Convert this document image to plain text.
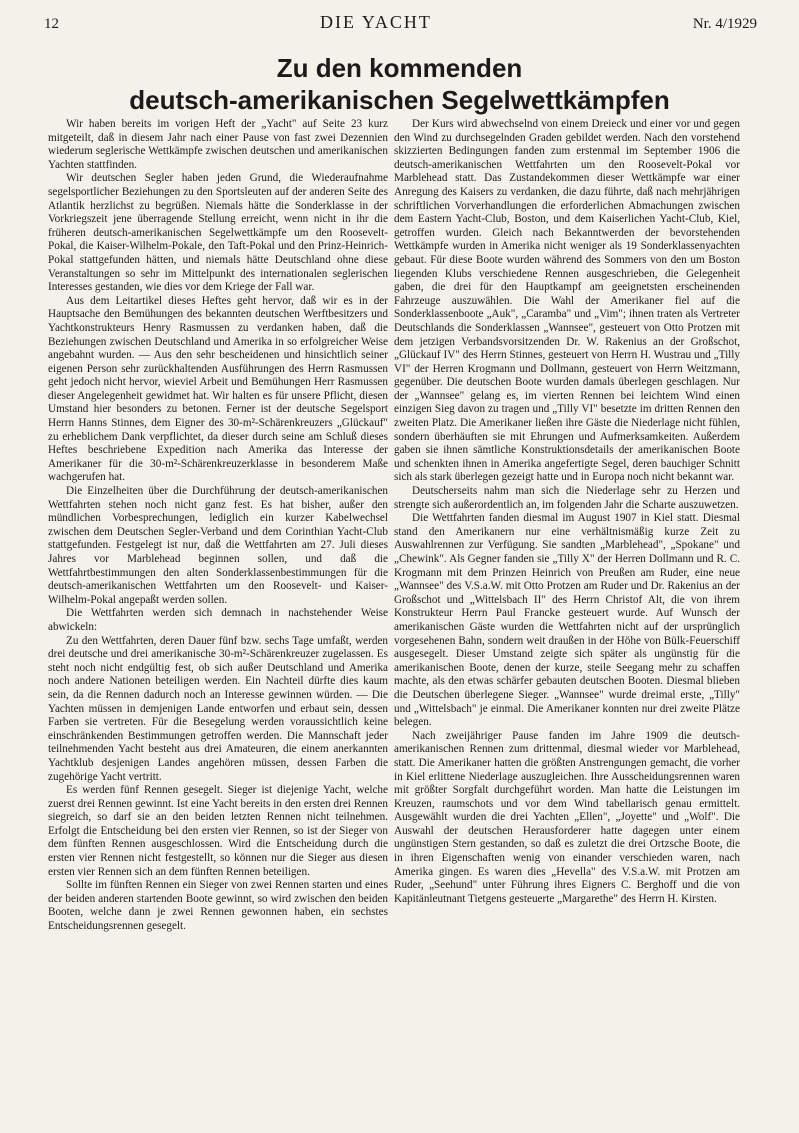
12	DIE YACHT	Nr. 4/1929
Zu den kommenden
deutsch-amerikanischen Segelwettkämpfen

Wir haben bereits im vorigen Heft der „Yacht" auf Seite 23 kurz mitgeteilt, daß in diesem Jahr nach einer Pause von fast zwei Dezennien wiederum seglerische Wettkämpfe zwischen deutschen und amerikanischen Yachten stattfinden.

Wir deutschen Segler haben jeden Grund, die Wiederaufnahme segelsportlicher Beziehungen zu den Sportsleuten auf der anderen Seite des Atlantik herzlichst zu begrüßen. Niemals hätte die Sonderklasse in der Vorkriegszeit jene überragende Stellung erreicht, wenn nicht in ihr die früheren deutsch-amerikanischen Segelwettkämpfe um den Roosevelt-Pokal, die Kaiser-Wilhelm-Pokale, den Taft-Pokal und den Prinz-Heinrich-Pokal stattgefunden hätten, und niemals hätte Deutschland ohne diese Veranstaltungen so sehr im Mittelpunkt des internationalen seglerischen Interesses gestanden, wie dies vor dem Kriege der Fall war.

Aus dem Leitartikel dieses Heftes geht hervor, daß wir es in der Hauptsache den Bemühungen des bekannten deutschen Werftbesitzers und Yachtkonstrukteurs Henry Rasmussen zu verdanken haben, daß die Beziehungen zwischen Deutschland und Amerika in so erfolgreicher Weise angebahnt wurden. — Aus den sehr bescheidenen und hinsichtlich seiner eigenen Person sehr zurückhaltenden Ausführungen des Herrn Rasmussen geht jedoch nicht hervor, wieviel Arbeit und Bemühungen Herr Rasmussen dieser Angelegenheit gewidmet hat. Wir halten es für unsere Pflicht, diesen Umstand hier besonders zu betonen. Ferner ist der deutsche Segelsport Herrn Hanns Stinnes, dem Eigner des 30-m²-Schärenkreuzers „Glückauf" zu erheblichem Dank verpflichtet, da dieser durch seine am Schluß dieses Heftes beschriebene Expedition nach Amerika das Interesse der Amerikaner für die 30-m²-Schärenkreuzerklasse in besonderem Maße wachgerufen hat.

Die Einzelheiten über die Durchführung der deutsch-amerikanischen Wettfahrten stehen noch nicht ganz fest. Es hat bisher, außer den mündlichen Vorbesprechungen, lediglich ein kurzer Kabelwechsel zwischen dem Deutschen Segler-Verband und dem Corinthian Yacht-Club stattgefunden. Festgelegt ist nur, daß die Wettfahrten am 27. Juli dieses Jahres vor Marblehead beginnen sollen, und daß die Wettfahrtbestimmungen den alten Sonderklassenbestimmungen für die deutsch-amerikanischen Wettfahrten um den Roosevelt- und Kaiser-Wilhelm-Pokal angepaßt werden sollen.

Die Wettfahrten werden sich demnach in nachstehender Weise abwickeln:

Zu den Wettfahrten, deren Dauer fünf bzw. sechs Tage umfaßt, werden drei deutsche und drei amerikanische 30-m²-Schärenkreuzer zugelassen. Es steht noch nicht endgültig fest, ob sich außer Deutschland und Amerika noch andere Nationen beteiligen werden. Ein Nachteil dürfte dies kaum sein, da die Rennen dadurch noch an Interesse gewinnen würden. — Die Yachten müssen in demjenigen Lande entworfen und erbaut sein, dessen Farben sie vertreten. Für die Besegelung werden voraussichtlich keine einschränkenden Bestimmungen getroffen werden. Die Mannschaft jeder teilnehmenden Yacht besteht aus drei Amateuren, die einem anerkannten Yachtklub desjenigen Landes angehören müssen, dessen Farben die zugehörige Yacht vertritt.

Es werden fünf Rennen gesegelt. Sieger ist diejenige Yacht, welche zuerst drei Rennen gewinnt. Ist eine Yacht bereits in den ersten drei Rennen siegreich, so darf sie an den beiden letzten Rennen nicht teilnehmen. Erfolgt die Entscheidung bei den ersten vier Rennen, so ist der Sieger von dem fünften Rennen ausgeschlossen. Wird die Entscheidung durch die ersten vier Rennen nicht festgestellt, so können nur die Sieger aus diesen ersten vier Rennen sich an dem fünften Rennen beteiligen.

Sollte im fünften Rennen ein Sieger von zwei Rennen starten und eines der beiden anderen startenden Boote gewinnt, so wird zwischen den beiden Booten, welche dann je zwei Rennen gewonnen haben, ein sechstes Entscheidungsrennen gesegelt.

Der Kurs wird abwechselnd von einem Dreieck und einer vor und gegen den Wind zu durchsegelnden Graden gebildet werden. Nach den vorstehend skizzierten Bedingungen fanden zum erstenmal im September 1906 die deutsch-amerikanischen Wettfahrten um den Roosevelt-Pokal vor Marblehead statt. Das Zustandekommen dieser Wettkämpfe war einer Anregung des Kaisers zu verdanken, die dazu führte, daß nach mehrjährigen schriftlichen Vorverhandlungen die erforderlichen Abmachungen zwischen dem Eastern Yacht-Club, Boston, und dem Kaiserlichen Yacht-Club, Kiel, getroffen wurden. Gleich nach Bekanntwerden der bevorstehenden Wettkämpfe wurden in Amerika nicht weniger als 19 Sonderklassenyachten gebaut. Für diese Boote wurden während des Sommers von den um Boston liegenden Klubs verschiedene Rennen ausgeschrieben, die Gelegenheit gaben, die drei für den Hauptkampf am geeignetsten erscheinenden Fahrzeuge auszuwählen. Die Wahl der Amerikaner fiel auf die Sonderklassenboote „Auk", „Caramba" und „Vim"; ihnen traten als Vertreter Deutschlands die Sonderklassen „Wannsee", gesteuert von Otto Protzen mit dem jetzigen Verbandsvorsitzenden Dr. W. Rakenius an der Großschot, „Glückauf IV" des Herrn Stinnes, gesteuert von Herrn H. Wustrau und „Tilly VI" der Herren Krogmann und Dollmann, gesteuert von Herrn Weitzmann, gegenüber. Die deutschen Boote wurden damals überlegen geschlagen. Nur der „Wannsee" gelang es, im vierten Rennen bei leichtem Wind einen einzigen Sieg davon zu tragen und „Tilly VI" besetzte im dritten Rennen den zweiten Platz. Die Amerikaner ließen ihre Gäste die Niederlage nicht fühlen, sondern überhäuften sie mit Ehrungen und Aufmerksamkeiten. Außerdem gaben sie ihnen sämtliche Konstruktionsdetails der amerikanischen Boote und schenkten ihnen in Amerika angefertigte Segel, deren bauchiger Schnitt sich als stark überlegen gezeigt hatte und in Europa noch nicht bekannt war.

Deutscherseits nahm man sich die Niederlage sehr zu Herzen und strengte sich außerordentlich an, im folgenden Jahr die Scharte auszuwetzen.

Die Wettfahrten fanden diesmal im August 1907 in Kiel statt. Diesmal stand den Amerikanern nur eine verhältnismäßig kurze Zeit zu Auswahlrennen zur Verfügung. Sie sandten „Marblehead", „Spokane" und „Chewink". Als Gegner fanden sie „Tilly X" der Herren Dollmann und R. C. Krogmann mit dem Prinzen Heinrich von Preußen am Ruder, eine neue „Wannsee" des V.S.a.W. mit Otto Protzen am Ruder und Dr. Rakenius an der Großschot und „Wittelsbach II" des Herrn Christof Alt, die von ihrem Konstrukteur Herrn Paul Francke gesteuert wurde. Auf Wunsch der amerikanischen Gäste wurden die Wettfahrten nicht auf der ursprünglich vorgesehenen Bahn, sondern weit draußen in der Höhe von Bülk-Feuerschiff ausgesegelt. Dieser Umstand zeigte sich später als ungünstig für die amerikanischen Boote, denen der kurze, steile Seegang mehr zu schaffen machte, als den etwas schärfer gebauten deutschen Booten. Diesmal blieben die Deutschen überlegene Sieger. „Wannsee" wurde dreimal erste, „Tilly" und „Wittelsbach" je einmal. Die Amerikaner konnten nur drei zweite Plätze belegen.

Nach zweijähriger Pause fanden im Jahre 1909 die deutsch-amerikanischen Rennen zum drittenmal, diesmal wieder vor Marblehead, statt. Die Amerikaner hatten die größten Anstrengungen gemacht, die vorher in Kiel erlittene Niederlage auszugleichen. Ihre Ausscheidungsrennen waren mit größter Sorgfalt durchgeführt worden. Man hatte die Leistungen im Kreuzen, raumschots und vor dem Wind tabellarisch genau ermittelt. Ausgewählt wurden die drei Yachten „Ellen", „Joyette" und „Wolf". Die Auswahl der deutschen Herausforderer hatte dagegen unter einem ungünstigen Stern gestanden, so daß es zuletzt die drei Ortzsche Boote, die in ihren Eigenschaften wenig von einander verschieden waren, nach Amerika gingen. Es waren dies „Hevella" des V.S.a.W. mit Protzen am Ruder, „Seehund" unter Führung ihres Eigners C. Berghoff und die von Kapitänleutnant Tietgens gesteuerte „Margarethe" des Herrn H. Kirsten.
